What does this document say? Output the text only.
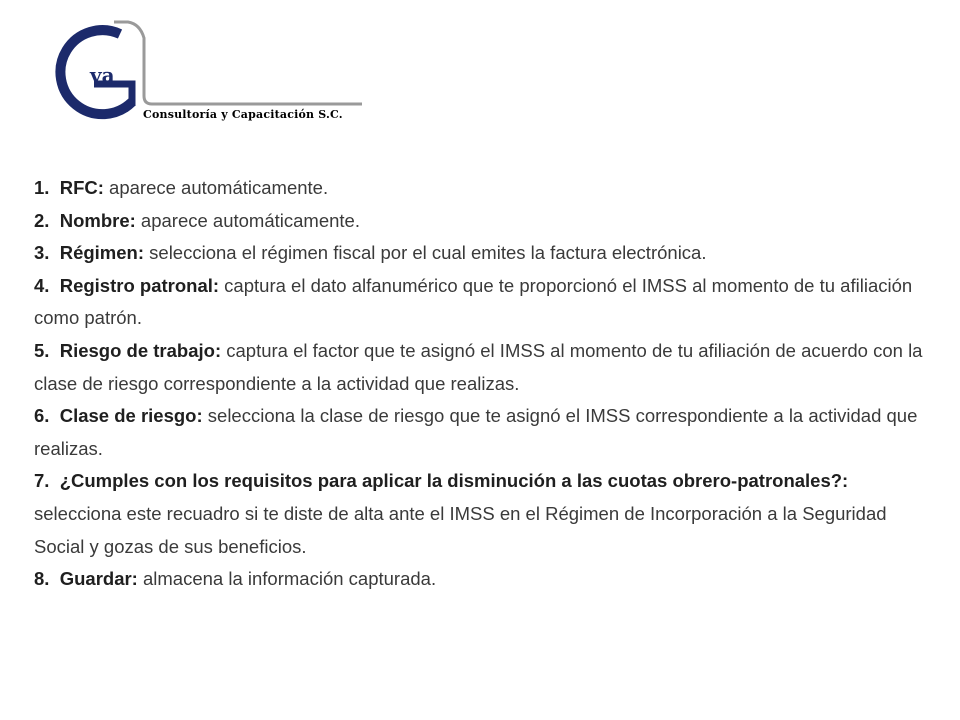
va
Consultoría y Capacitación S.C.

1. RFC: aparece automáticamente.

2. Nombre: aparece automáticamente.

3. Régimen: selecciona el régimen fiscal por el cual emites la factura electrónica.

4. Registro patronal: captura el dato alfanumérico que te proporcionó el IMSS al momento de tu afiliación como patrón.

5. Riesgo de trabajo: captura el factor que te asignó el IMSS al momento de tu afiliación de acuerdo con la clase de riesgo correspondiente a la actividad que realizas.

6. Clase de riesgo: selecciona la clase de riesgo que te asignó el IMSS correspondiente a la actividad que realizas.

7. ¿Cumples con los requisitos para aplicar la disminución a las cuotas obrero-patronales?: selecciona este recuadro si te diste de alta ante el IMSS en el Régimen de Incorporación a la Seguridad Social y gozas de sus beneficios.

8. Guardar: almacena la información capturada.
